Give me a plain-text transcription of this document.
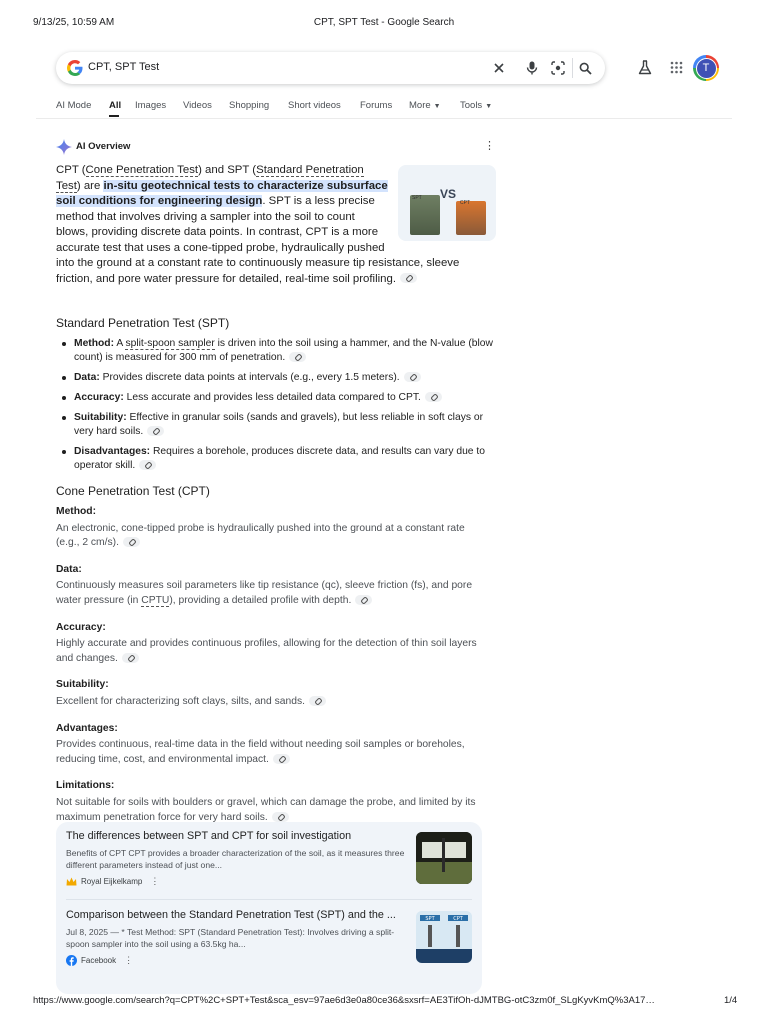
9/13/25, 10:59 AM	CPT, SPT Test - Google Search
CPT, SPT Test	T
AI Mode All Images Videos Shopping Short videos Forums More ▼ Tools ▼
AI Overview	⋮
VS
SPT
CPT
CPT (Cone Penetration Test) and SPT (Standard Penetration Test) are in-situ geotechnical tests to characterize subsurface soil conditions for engineering design. SPT is a less precise method that involves driving a sampler into the soil to count blows, providing discrete data points. In contrast, CPT is a more accurate test that uses a cone-tipped probe, hydraulically pushed into the ground at a constant rate to continuously measure tip resistance, sleeve friction, and pore water pressure for detailed, real-time soil profiling.
Standard Penetration Test (SPT)
Method: A split-spoon sampler is driven into the soil using a hammer, and the N-value (blow count) is measured for 300 mm of penetration.
Data: Provides discrete data points at intervals (e.g., every 1.5 meters).
Accuracy: Less accurate and provides less detailed data compared to CPT.
Suitability: Effective in granular soils (sands and gravels), but less reliable in soft clays or very hard soils.
Disadvantages: Requires a borehole, produces discrete data, and results can vary due to operator skill.
Cone Penetration Test (CPT)
Method:
An electronic, cone-tipped probe is hydraulically pushed into the ground at a constant rate (e.g., 2 cm/s).
Data:
Continuously measures soil parameters like tip resistance (qc), sleeve friction (fs), and pore water pressure (in CPTU), providing a detailed profile with depth.
Accuracy:
Highly accurate and provides continuous profiles, allowing for the detection of thin soil layers and changes.
Suitability:
Excellent for characterizing soft clays, silts, and sands.
Advantages:
Provides continuous, real-time data in the field without needing soil samples or boreholes, reducing time, cost, and environmental impact.
Limitations:
Not suitable for soils with boulders or gravel, which can damage the probe, and limited by its maximum penetration force for very hard soils.
The differences between SPT and CPT for soil investigation
Benefits of CPT CPT provides a broader characterization of the soil, as it measures three different parameters instead of just one...
Royal Eijkelkamp ⋮
Comparison between the Standard Penetration Test (SPT) and the ...
Jul 8, 2025 — * Test Method: SPT (Standard Penetration Test): Involves driving a split-spoon sampler into the soil using a 63.5kg ha...
Facebook ⋮
SPT	CPT
https://www.google.com/search?q=CPT%2C+SPT+Test&sca_esv=97ae6d3e0a80ce36&sxsrf=AE3TifOh-dJMTBG-otC3zm0f_SLgKyvKmQ%3A17…	1/4
